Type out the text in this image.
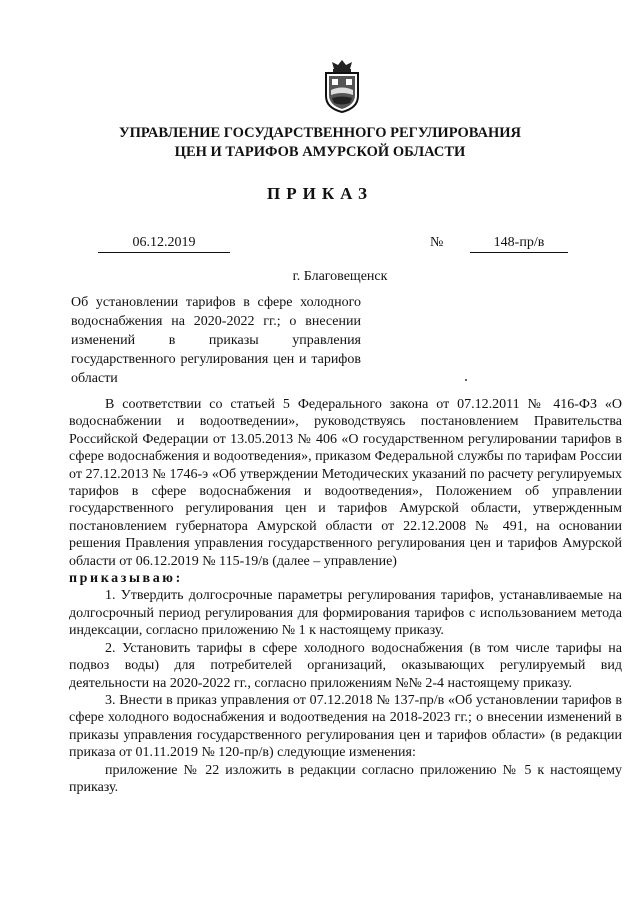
УПРАВЛЕНИЕ ГОСУДАРСТВЕННОГО РЕГУЛИРОВАНИЯ
ЦЕН И ТАРИФОВ АМУРСКОЙ ОБЛАСТИ
ПРИКАЗ
06.12.2019	№	148-пр/в
г. Благовещенск
Об установлении тарифов в сфере холодного водоснабжения на 2020-2022 гг.; о внесении изменений в приказы управления государственного регулирования цен и тарифов области

В соответствии со статьей 5 Федерального закона от 07.12.2011 № 416-ФЗ «О водоснабжении и водоотведении», руководствуясь постановлением Правительства Российской Федерации от 13.05.2013 № 406 «О государственном регулировании тарифов в сфере водоснабжения и водоотведения», приказом Федеральной службы по тарифам России от 27.12.2013 № 1746-э «Об утверждении Методических указаний по расчету регулируемых тарифов в сфере водоснабжения и водоотведения», Положением об управлении государственного регулирования цен и тарифов Амурской области, утвержденным постановлением губернатора Амурской области от 22.12.2008 № 491, на основании решения Правления управления государственного регулирования цен и тарифов Амурской области от 06.12.2019 № 115-19/в (далее – управление)

приказываю:

1. Утвердить долгосрочные параметры регулирования тарифов, устанавливаемые на долгосрочный период регулирования для формирования тарифов с использованием метода индексации, согласно приложению № 1 к настоящему приказу.

2. Установить тарифы в сфере холодного водоснабжения (в том числе тарифы на подвоз воды) для потребителей организаций, оказывающих регулируемый вид деятельности на 2020-2022 гг., согласно приложениям №№ 2-4 настоящему приказу.

3. Внести в приказ управления от 07.12.2018 № 137-пр/в «Об установлении тарифов в сфере холодного водоснабжения и водоотведения на 2018-2023 гг.; о внесении изменений в приказы управления государственного регулирования цен и тарифов области» (в редакции приказа от 01.11.2019 № 120-пр/в) следующие изменения:

приложение № 22 изложить в редакции согласно приложению № 5 к настоящему приказу.
